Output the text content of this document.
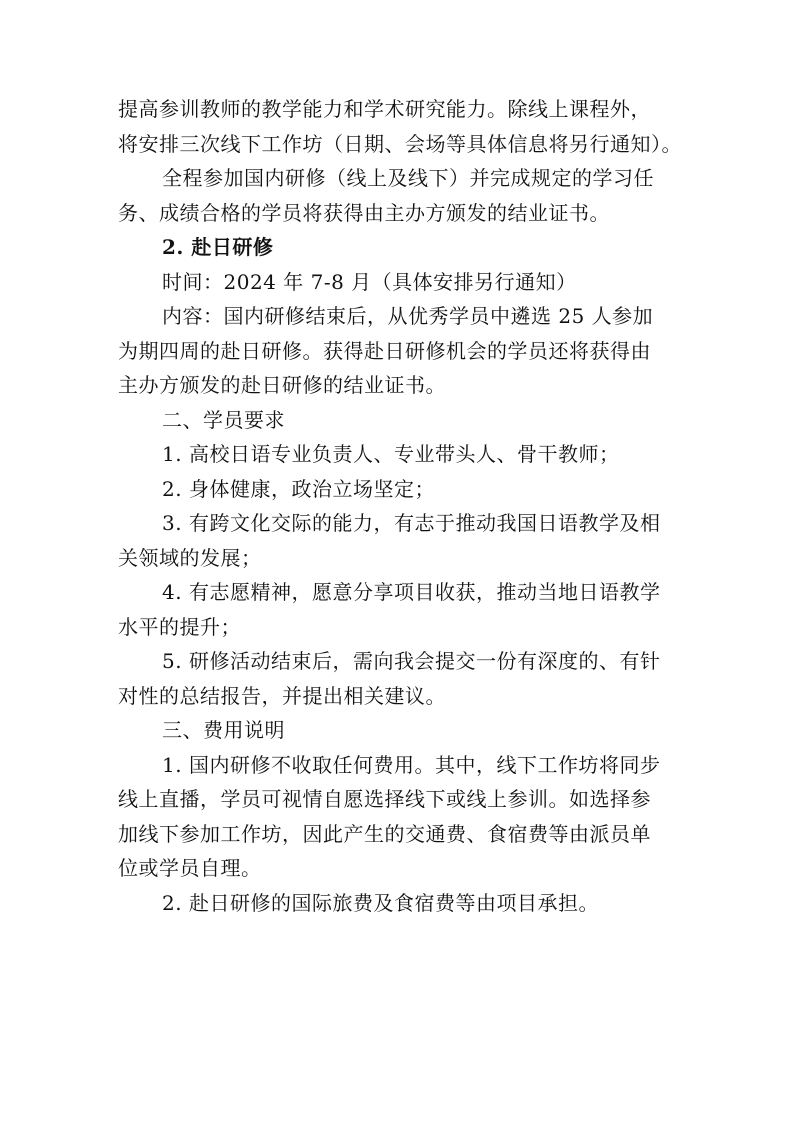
提高参训教师的教学能力和学术研究能力。除线上课程外，

将安排三次线下工作坊（日期、会场等具体信息将另行通知）。

全程参加国内研修（线上及线下）并完成规定的学习任

务、成绩合格的学员将获得由主办方颁发的结业证书。

2. 赴日研修

时间：2024 年 7-8 月（具体安排另行通知）

内容：国内研修结束后，从优秀学员中遴选 25 人参加

为期四周的赴日研修。获得赴日研修机会的学员还将获得由

主办方颁发的赴日研修的结业证书。

二、学员要求

1. 高校日语专业负责人、专业带头人、骨干教师；

2. 身体健康，政治立场坚定；

3. 有跨文化交际的能力，有志于推动我国日语教学及相

关领域的发展；

4. 有志愿精神，愿意分享项目收获，推动当地日语教学

水平的提升；

5. 研修活动结束后，需向我会提交一份有深度的、有针

对性的总结报告，并提出相关建议。

三、费用说明

1. 国内研修不收取任何费用。其中，线下工作坊将同步

线上直播，学员可视情自愿选择线下或线上参训。如选择参

加线下参加工作坊，因此产生的交通费、食宿费等由派员单

位或学员自理。

2. 赴日研修的国际旅费及食宿费等由项目承担。
